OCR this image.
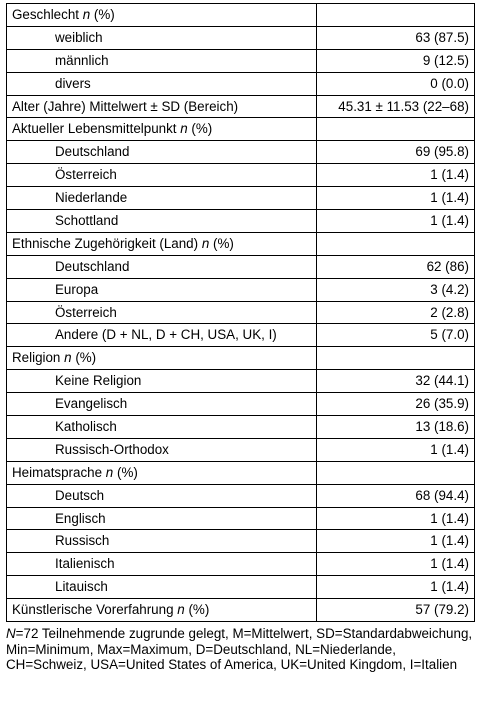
Geschlecht n (%)	
weiblich	63 (87.5)
männlich	9 (12.5)
divers	0 (0.0)
Alter (Jahre) Mittelwert ± SD (Bereich)	45.31 ± 11.53 (22–68)
Aktueller Lebensmittelpunkt n (%)	
Deutschland	69 (95.8)
Österreich	1 (1.4)
Niederlande	1 (1.4)
Schottland	1 (1.4)
Ethnische Zugehörigkeit (Land) n (%)	
Deutschland	62 (86)
Europa	3 (4.2)
Österreich	2 (2.8)
Andere (D + NL, D + CH, USA, UK, I)	5 (7.0)
Religion n (%)	
Keine Religion	32 (44.1)
Evangelisch	26 (35.9)
Katholisch	13 (18.6)
Russisch-Orthodox	1 (1.4)
Heimatsprache n (%)	
Deutsch	68 (94.4)
Englisch	1 (1.4)
Russisch	1 (1.4)
Italienisch	1 (1.4)
Litauisch	1 (1.4)
Künstlerische Vorerfahrung n (%)	57 (79.2)
N=72 Teilnehmende zugrunde gelegt, M=Mittelwert, SD=Standardabweichung, Min=Minimum, Max=Maximum, D=Deutschland, NL=Niederlande, CH=Schweiz, USA=United States of America, UK=United Kingdom, I=Italien
